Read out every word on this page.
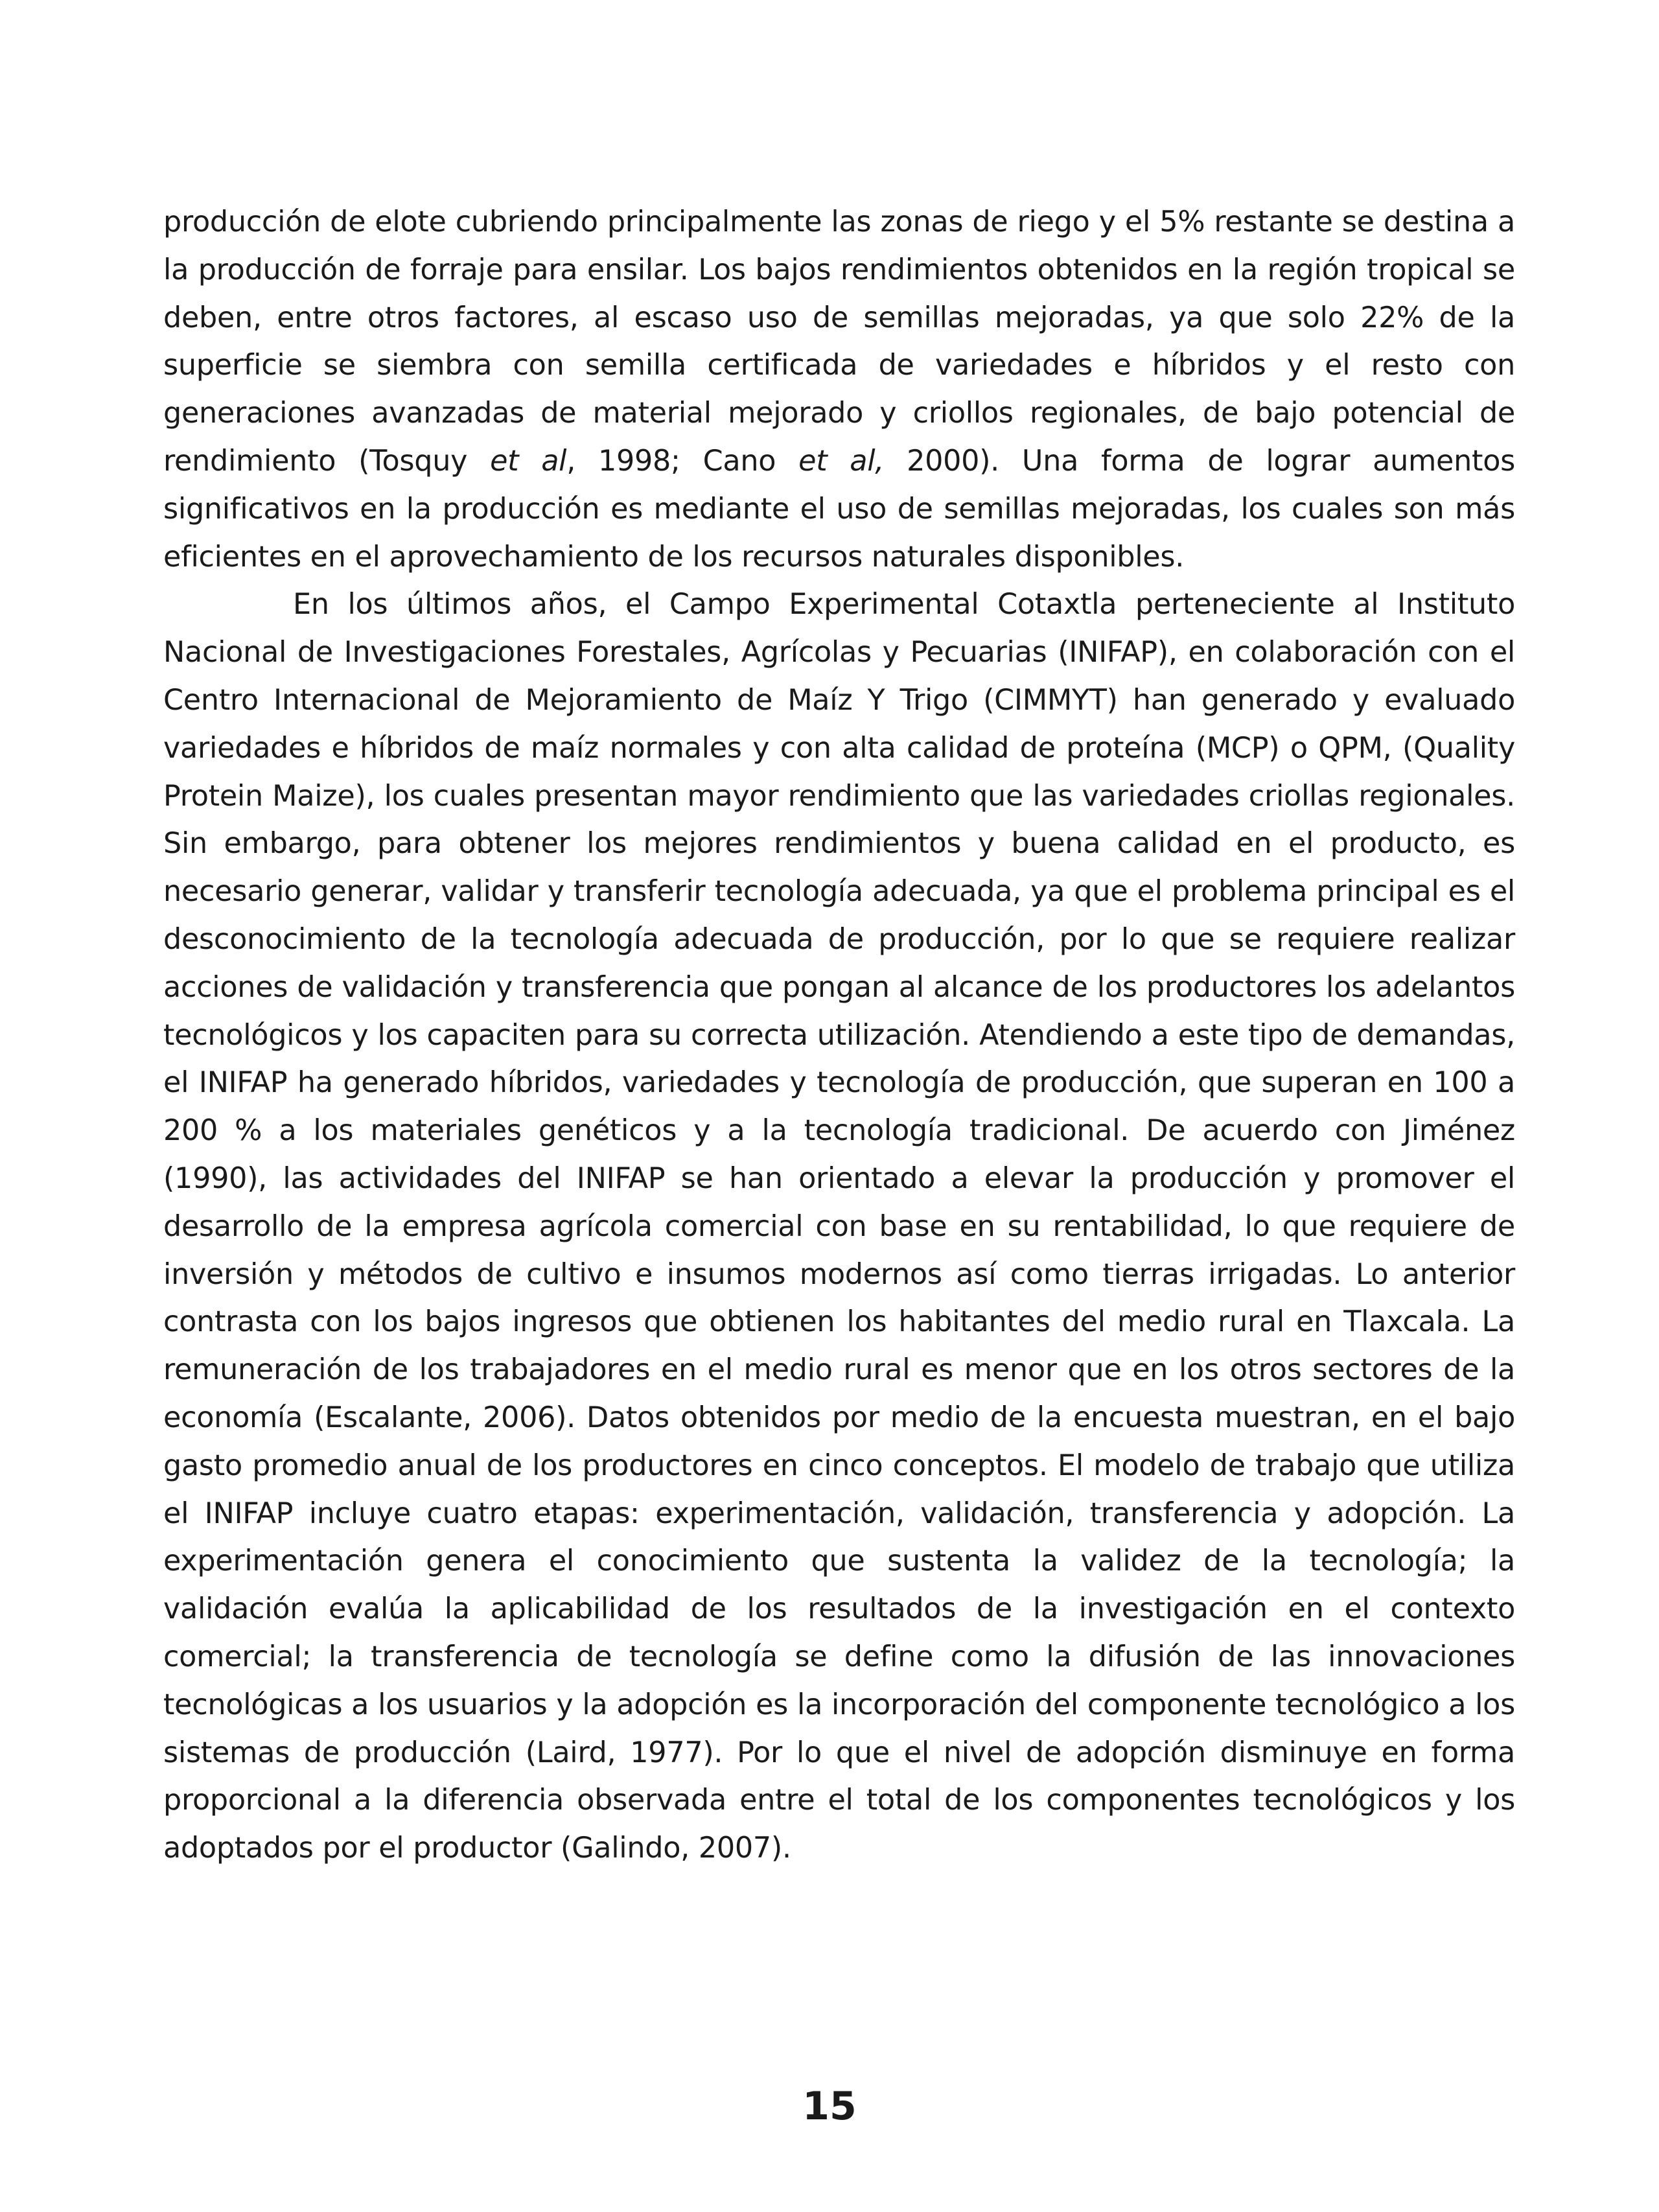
producción de elote cubriendo principalmente las zonas de riego y el 5% restante se destina a la producción de forraje para ensilar. Los bajos rendimientos obtenidos en la región tropical se deben, entre otros factores, al escaso uso de semillas mejoradas, ya que solo 22% de la superficie se siembra con semilla certificada de variedades e híbridos y el resto con generaciones avanzadas de material mejorado y criollos regionales, de bajo potencial de rendimiento (Tosquy et al, 1998; Cano et al, 2000). Una forma de lograr aumentos significativos en la producción es mediante el uso de semillas mejoradas, los cuales son más eficientes en el aprovechamiento de los recursos naturales disponibles.

En los últimos años, el Campo Experimental Cotaxtla perteneciente al Instituto Nacional de Investigaciones Forestales, Agrícolas y Pecuarias (INIFAP), en colaboración con el Centro Internacional de Mejoramiento de Maíz Y Trigo (CIMMYT) han generado y evaluado variedades e híbridos de maíz normales y con alta calidad de proteína (MCP) o QPM, (Quality Protein Maize), los cuales presentan mayor rendimiento que las variedades criollas regionales. Sin embargo, para obtener los mejores rendimientos y buena calidad en el producto, es necesario generar, validar y transferir tecnología adecuada, ya que el problema principal es el desconocimiento de la tecnología adecuada de producción, por lo que se requiere realizar acciones de validación y transferencia que pongan al alcance de los productores los adelantos tecnológicos y los capaciten para su correcta utilización. Atendiendo a este tipo de demandas, el INIFAP ha generado híbridos, variedades y tecnología de producción, que superan en 100 a 200 % a los materiales genéticos y a la tecnología tradicional. De acuerdo con Jiménez (1990), las actividades del INIFAP se han orientado a elevar la producción y promover el desarrollo de la empresa agrícola comercial con base en su rentabilidad, lo que requiere de inversión y métodos de cultivo e insumos modernos así como tierras irrigadas. Lo anterior contrasta con los bajos ingresos que obtienen los habitantes del medio rural en Tlaxcala. La remuneración de los trabajadores en el medio rural es menor que en los otros sectores de la economía (Escalante, 2006). Datos obtenidos por medio de la encuesta muestran, en el bajo gasto promedio anual de los productores en cinco conceptos. El modelo de trabajo que utiliza el INIFAP incluye cuatro etapas: experimentación, validación, transferencia y adopción. La experimentación genera el conocimiento que sustenta la validez de la tecnología; la validación evalúa la aplicabilidad de los resultados de la investigación en el contexto comercial; la transferencia de tecnología se define como la difusión de las innovaciones tecnológicas a los usuarios y la adopción es la incorporación del componente tecnológico a los sistemas de producción (Laird, 1977). Por lo que el nivel de adopción disminuye en forma proporcional a la diferencia observada entre el total de los componentes tecnológicos y los adoptados por el productor (Galindo, 2007).

15
